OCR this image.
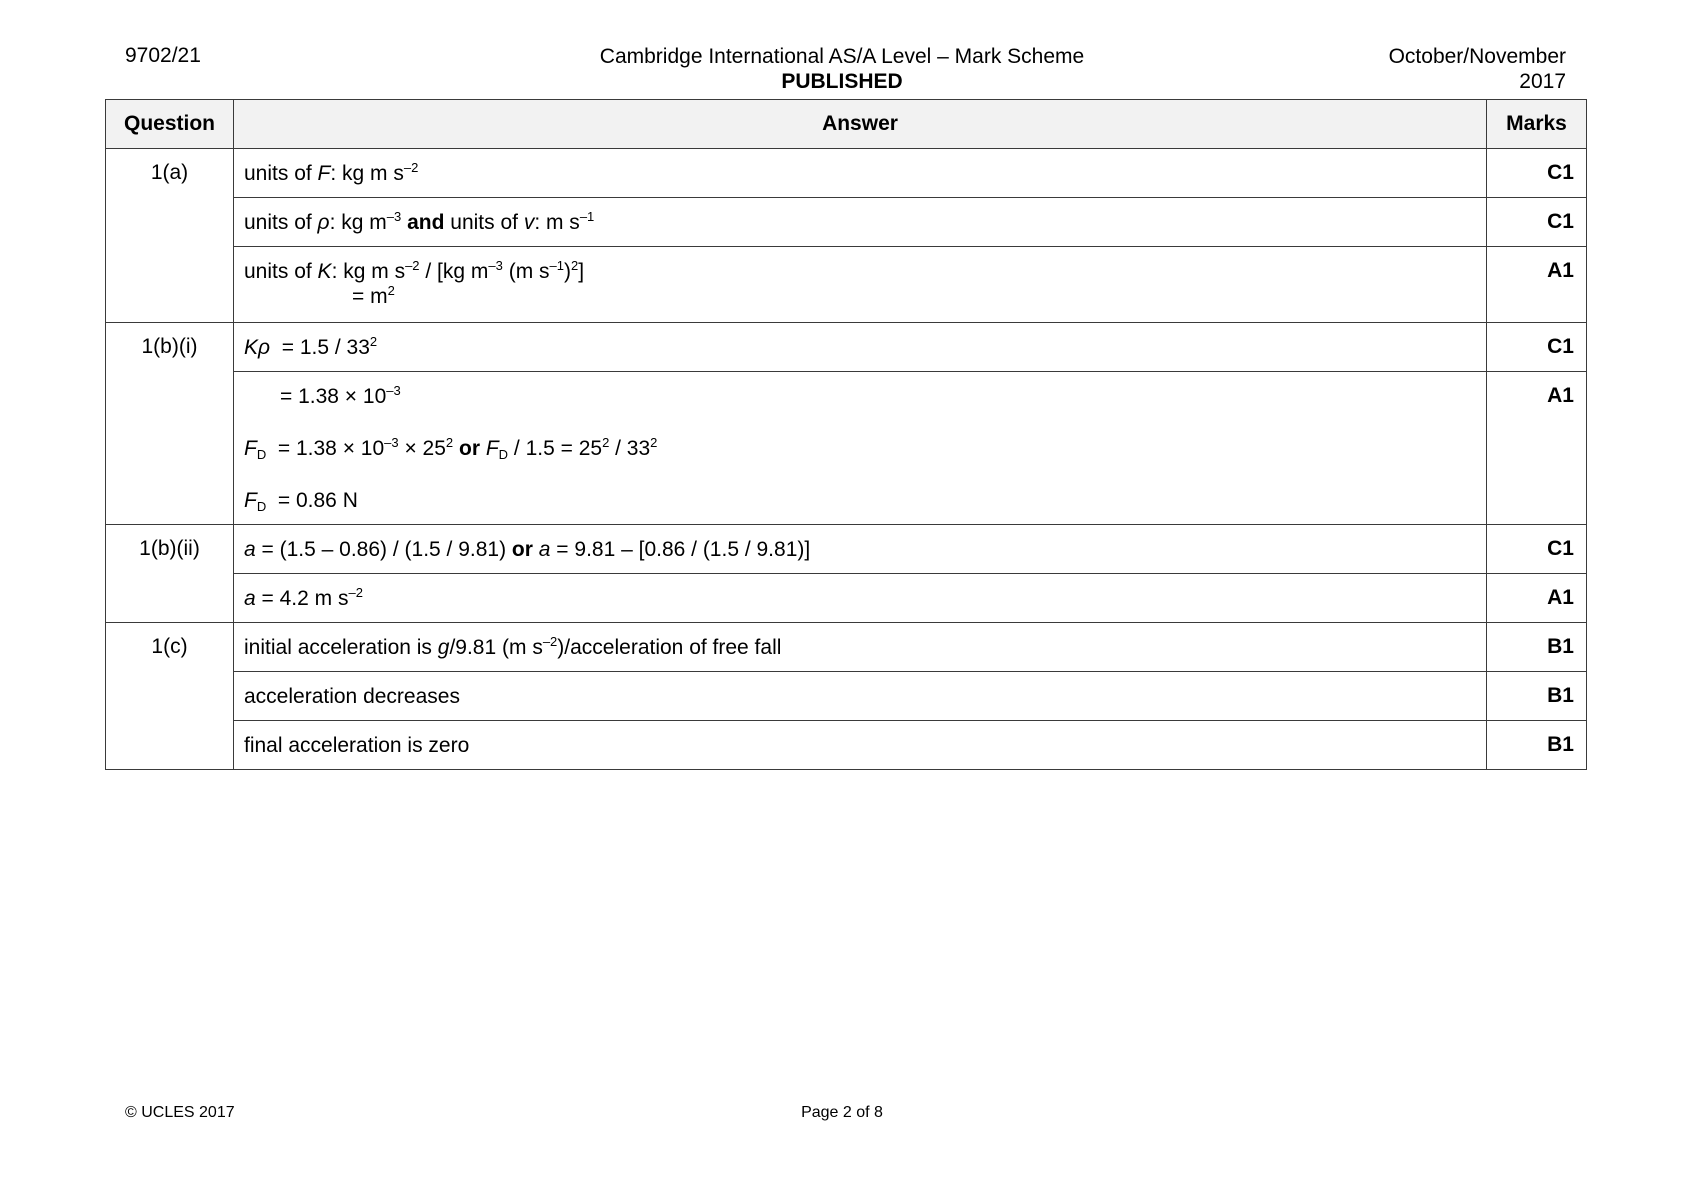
9702/21	Cambridge International AS/A Level – Mark Scheme
PUBLISHED
October/November
2017
Question	Answer	Marks
1(a)	units of F: kg m $s^{-2}$	C1

	units of ρ: kg $m^{-3}$ and units of v: m $s^{-1}$	C1

	units of K: kg m $s^{-2} / [kg$ $m^{-3}$ (m $s^{-1})^2$]
= $m^2$	A1
1(b)(i)	$K\rho = 1.5 / 33^2$	C1

	= $1.38 \times 10^{-3}$
$F_D = 1.38 \times 10^{-3} \times 25^2$ or $F_D / 1.5 = 25^2 / 33^2$
$F_D = 0.86$ N	A1
1(b)(ii)	a = (1.5 – 0.86) / (1.5 / 9.81) or a = 9.81 – [0.86 / (1.5 / 9.81)]	C1

	a = 4.2 m $s^{-2}$	A1
1(c)	initial acceleration is g/9.81 (m $s^{-2}$)/acceleration of free fall	B1

	acceleration decreases	B1

	final acceleration is zero	B1
© UCLES 2017	Page 2 of 8
